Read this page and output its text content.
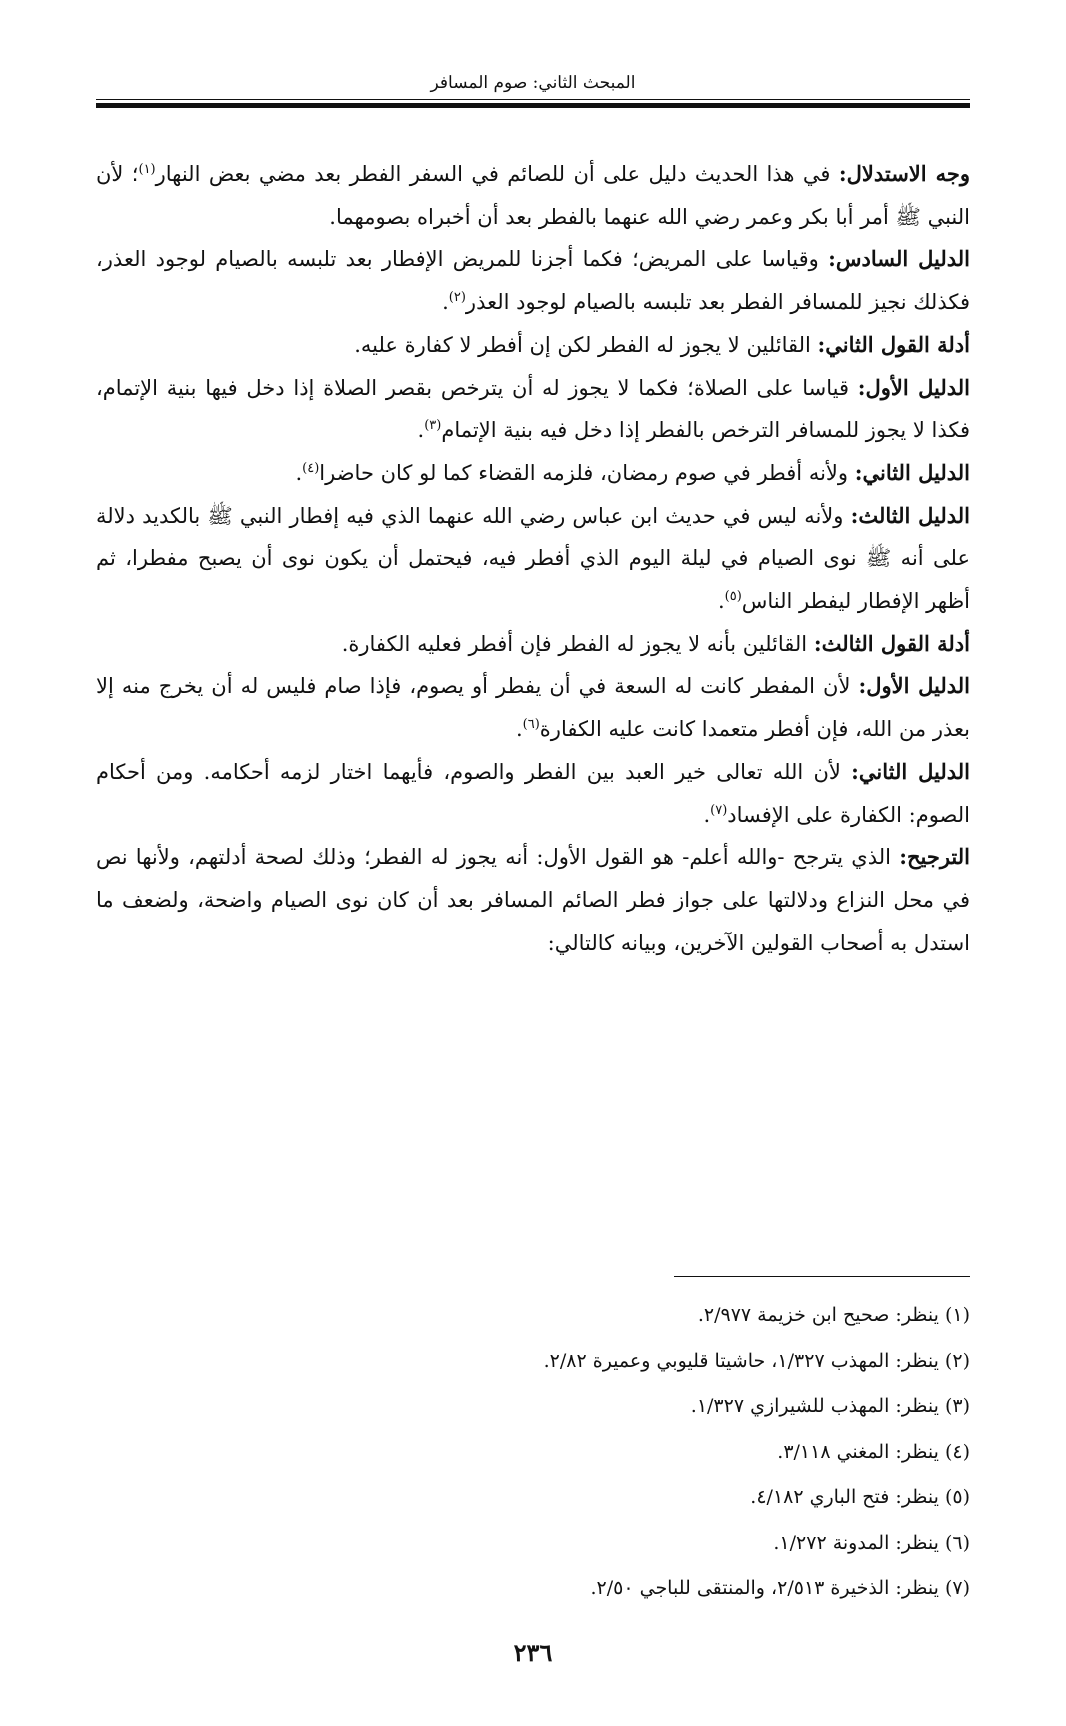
المبحث الثاني: صوم المسافر

وجه الاستدلال: في هذا الحديث دليل على أن للصائم في السفر الفطر بعد مضي بعض النهار$^{(١)}$؛ لأن النبي ﷺ أمر أبا بكر وعمر رضي الله عنهما بالفطر بعد أن أخبراه بصومهما.

الدليل السادس: وقياسا على المريض؛ فكما أجزنا للمريض الإفطار بعد تلبسه بالصيام لوجود العذر، فكذلك نجيز للمسافر الفطر بعد تلبسه بالصيام لوجود العذر$^{(٢)}$.

أدلة القول الثاني: القائلين لا يجوز له الفطر لكن إن أفطر لا كفارة عليه.

الدليل الأول: قياسا على الصلاة؛ فكما لا يجوز له أن يترخص بقصر الصلاة إذا دخل فيها بنية الإتمام، فكذا لا يجوز للمسافر الترخص بالفطر إذا دخل فيه بنية الإتمام$^{(٣)}$.

الدليل الثاني: ولأنه أفطر في صوم رمضان، فلزمه القضاء كما لو كان حاضرا$^{(٤)}$.

الدليل الثالث: ولأنه ليس في حديث ابن عباس رضي الله عنهما الذي فيه إفطار النبي ﷺ بالكديد دلالة على أنه ﷺ نوى الصيام في ليلة اليوم الذي أفطر فيه، فيحتمل أن يكون نوى أن يصبح مفطرا، ثم أظهر الإفطار ليفطر الناس$^{(٥)}$.

أدلة القول الثالث: القائلين بأنه لا يجوز له الفطر فإن أفطر فعليه الكفارة.

الدليل الأول: لأن المفطر كانت له السعة في أن يفطر أو يصوم، فإذا صام فليس له أن يخرج منه إلا بعذر من الله، فإن أفطر متعمدا كانت عليه الكفارة$^{(٦)}$.

الدليل الثاني: لأن الله تعالى خير العبد بين الفطر والصوم، فأيهما اختار لزمه أحكامه. ومن أحكام الصوم: الكفارة على الإفساد$^{(٧)}$.

الترجيح: الذي يترجح -والله أعلم- هو القول الأول: أنه يجوز له الفطر؛ وذلك لصحة أدلتهم، ولأنها نص في محل النزاع ودلالتها على جواز فطر الصائم المسافر بعد أن كان نوى الصيام واضحة، ولضعف ما استدل به أصحاب القولين الآخرين، وبيانه كالتالي:

(١) ينظر: صحيح ابن خزيمة ٢/٩٧٧.
(٢) ينظر: المهذب ١/٣٢٧، حاشيتا قليوبي وعميرة ٢/٨٢.
(٣) ينظر: المهذب للشيرازي ١/٣٢٧.
(٤) ينظر: المغني ٣/١١٨.
(٥) ينظر: فتح الباري ٤/١٨٢.
(٦) ينظر: المدونة ١/٢٧٢.
(٧) ينظر: الذخيرة ٢/٥١٣، والمنتقى للباجي ٢/٥٠.
٢٣٦
